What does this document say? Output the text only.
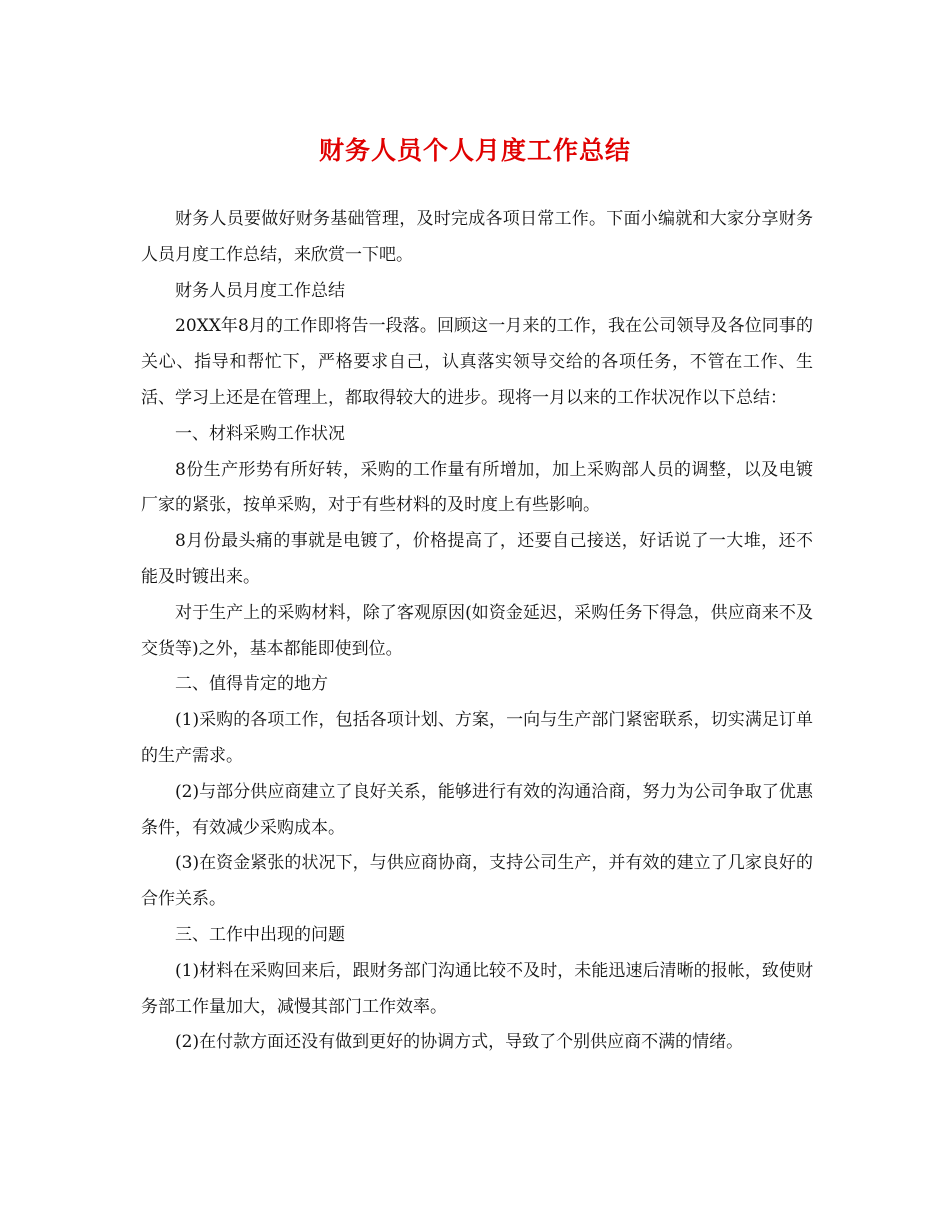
财务人员个人月度工作总结

财务人员要做好财务基础管理，及时完成各项日常工作。下面小编就和大家分享财务人员月度工作总结，来欣赏一下吧。

财务人员月度工作总结

20XX年8月的工作即将告一段落。回顾这一月来的工作，我在公司领导及各位同事的关心、指导和帮忙下，严格要求自己，认真落实领导交给的各项任务，不管在工作、生活、学习上还是在管理上，都取得较大的进步。现将一月以来的工作状况作以下总结：

一、材料采购工作状况

8份生产形势有所好转，采购的工作量有所增加，加上采购部人员的调整，以及电镀厂家的紧张，按单采购，对于有些材料的及时度上有些影响。

8月份最头痛的事就是电镀了，价格提高了，还要自己接送，好话说了一大堆，还不能及时镀出来。

对于生产上的采购材料，除了客观原因(如资金延迟，采购任务下得急，供应商来不及交货等)之外，基本都能即使到位。

二、值得肯定的地方

(1)采购的各项工作，包括各项计划、方案，一向与生产部门紧密联系，切实满足订单的生产需求。

(2)与部分供应商建立了良好关系，能够进行有效的沟通洽商，努力为公司争取了优惠条件，有效减少采购成本。

(3)在资金紧张的状况下，与供应商协商，支持公司生产，并有效的建立了几家良好的合作关系。

三、工作中出现的问题

(1)材料在采购回来后，跟财务部门沟通比较不及时，未能迅速后清晰的报帐，致使财务部工作量加大，减慢其部门工作效率。

(2)在付款方面还没有做到更好的协调方式，导致了个别供应商不满的情绪。
